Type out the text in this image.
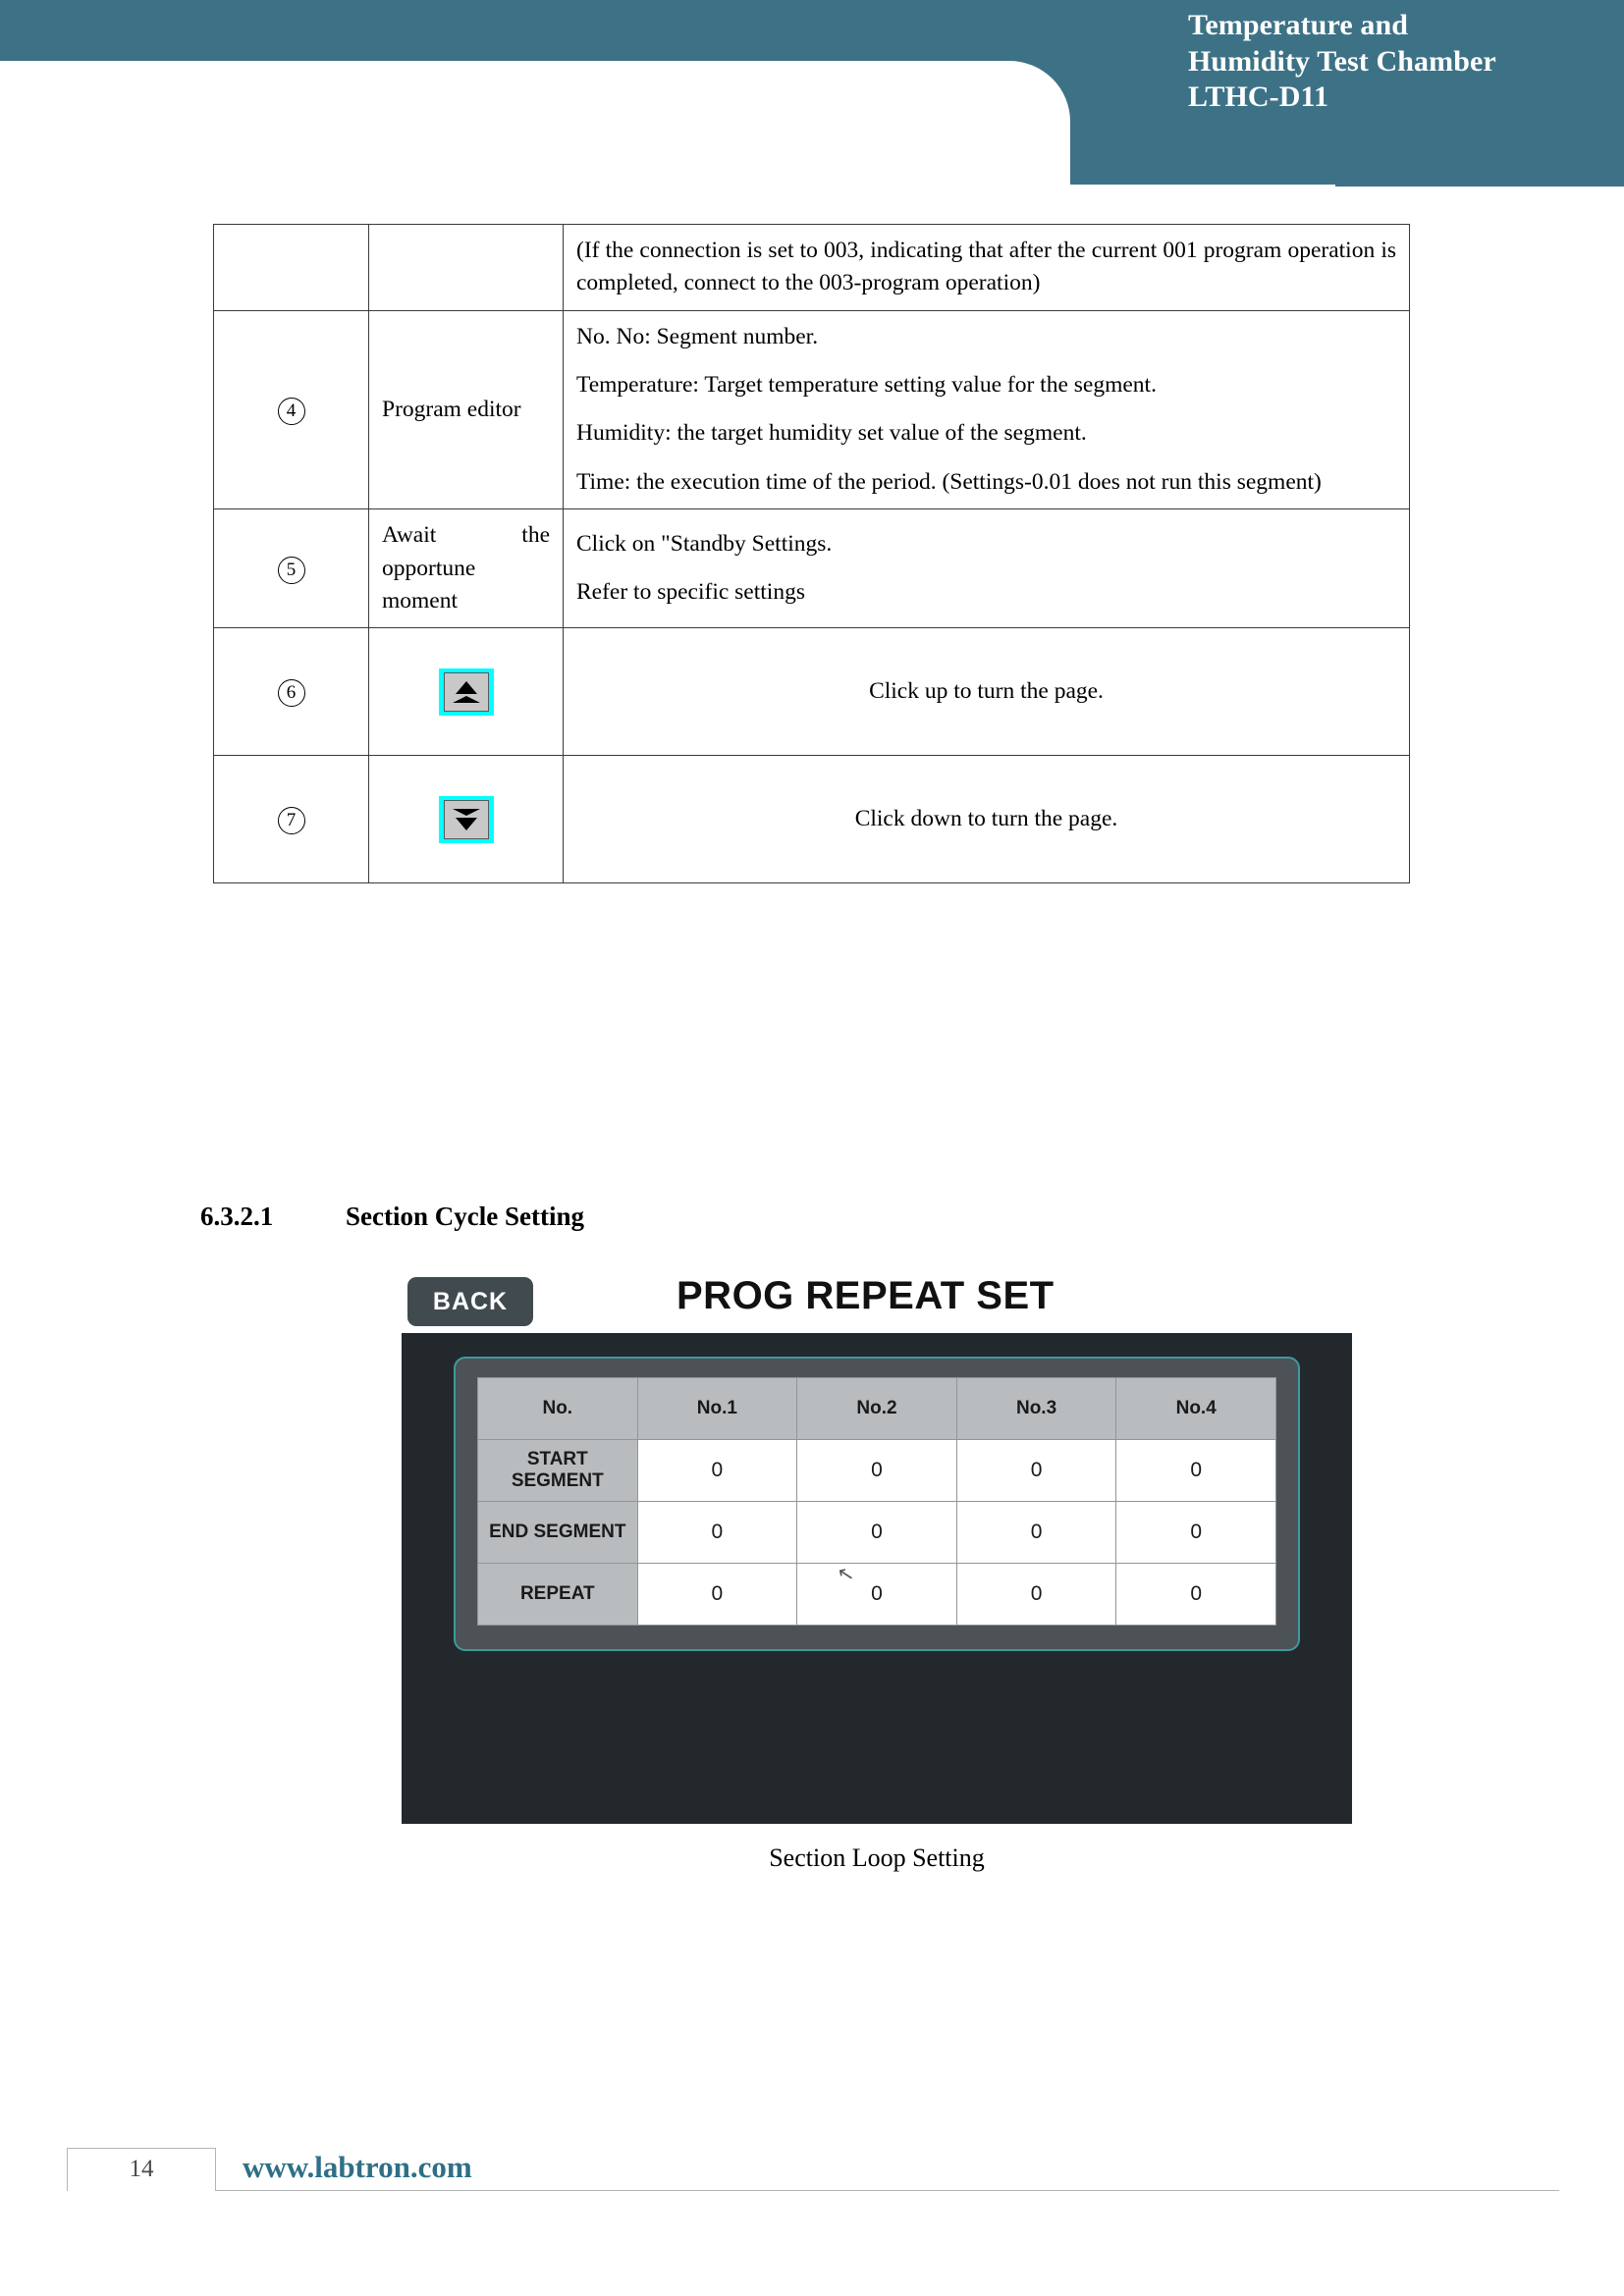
Temperature and
Humidity Test Chamber
LTHC-D11

		(If the connection is set to 003, indicating that after the current 001 program operation is completed, connect to the 003-program operation)

4	Program editor	No. No: Segment number.

Temperature: Target temperature setting value for the segment.

Humidity: the target humidity set value of the segment.

Time: the execution time of the period. (Settings-0.01 does not run this segment)

5	Await the opportune moment	Click on "Standby Settings.

Refer to specific settings

6		Click up to turn the page.

7		Click down to turn the page.

6.3.2.1	Section Cycle Setting
BACK	PROG REPEAT SET
No.	No.1	No.2	No.3	No.4
START SEGMENT	0	0	0	0
END SEGMENT	0	0	0	0
REPEAT	0	0	0	0
↖
Section Loop Setting
14	www.labtron.com
